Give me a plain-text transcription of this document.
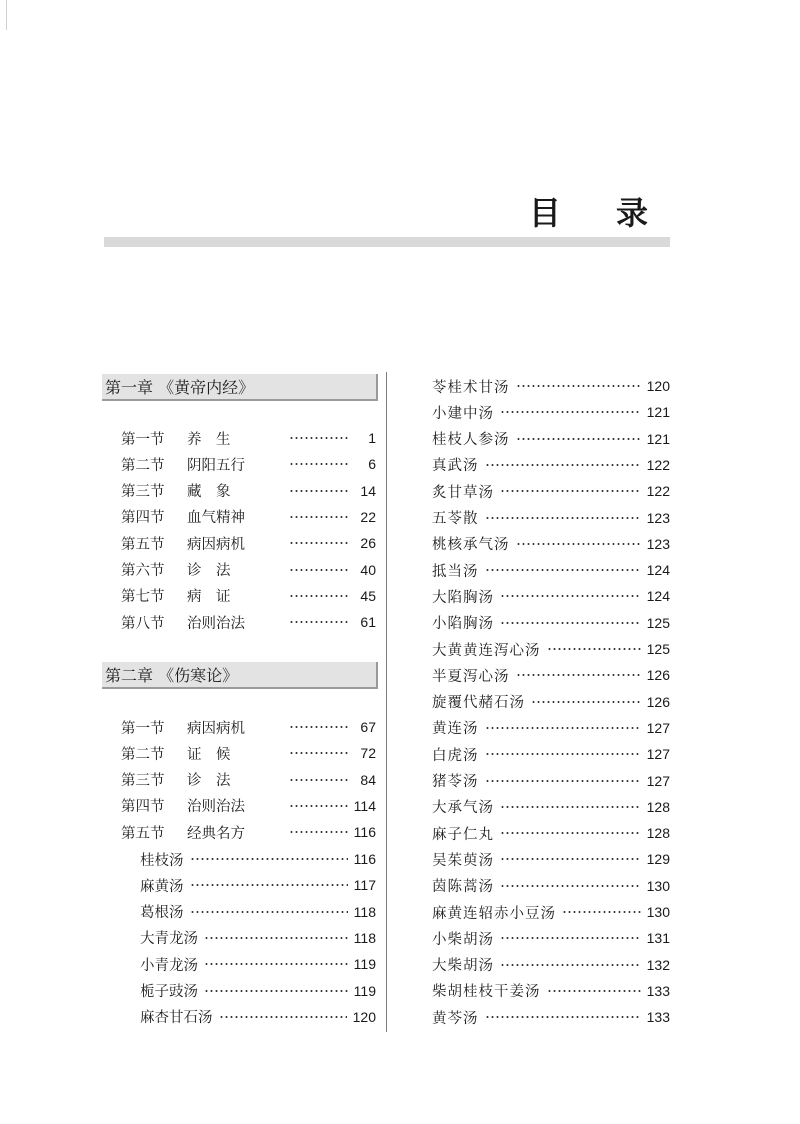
目 录
第一章 《黄帝内经》
第二章 《伤寒论》
第一节	养　生	1
第二节	阴阳五行	6
第三节	藏　象	14
第四节	血气精神	22
第五节	病因病机	26
第六节	诊　法	40
第七节	病　证	45
第八节	治则治法	61
第一节	病因病机	67
第二节	证　候	72
第三节	诊　法	84
第四节	治则治法	114
第五节	经典名方	116
桂枝汤	116
麻黄汤	117
葛根汤	118
大青龙汤	118
小青龙汤	119
栀子豉汤	119
麻杏甘石汤	120
苓桂术甘汤	120
小建中汤	121
桂枝人参汤	121
真武汤	122
炙甘草汤	122
五苓散	123
桃核承气汤	123
抵当汤	124
大陷胸汤	124
小陷胸汤	125
大黄黄连泻心汤	125
半夏泻心汤	126
旋覆代赭石汤	126
黄连汤	127
白虎汤	127
猪苓汤	127
大承气汤	128
麻子仁丸	128
吴茱萸汤	129
茵陈蒿汤	130
麻黄连轺赤小豆汤	130
小柴胡汤	131
大柴胡汤	132
柴胡桂枝干姜汤	133
黄芩汤	133
